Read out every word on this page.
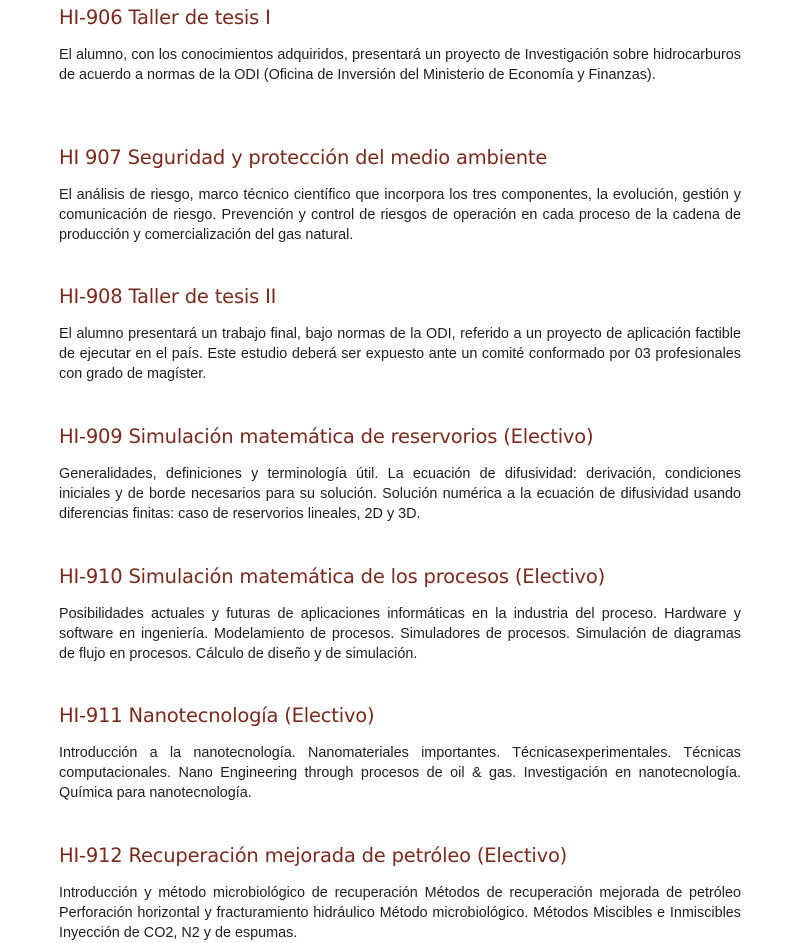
HI-906 Taller de tesis I

El alumno, con los conocimientos adquiridos, presentará un proyecto de Investigación sobre hidrocarburos de acuerdo a normas de la ODI (Oficina de Inversión del Ministerio de Economía y Finanzas).

HI 907 Seguridad y protección del medio ambiente

El análisis de riesgo, marco técnico científico que incorpora los tres componentes, la evolución, gestión y comunicación de riesgo. Prevención y control de riesgos de operación en cada proceso de la cadena de producción y comercialización del gas natural.

HI-908 Taller de tesis II

El alumno presentará un trabajo final, bajo normas de la ODI, referido a un proyecto de aplicación factible de ejecutar en el país. Este estudio deberá ser expuesto ante un comité conformado por 03 profesionales con grado de magíster.

HI-909 Simulación matemática de reservorios (Electivo)

Generalidades, definiciones y terminología útil. La ecuación de difusividad: derivación, condiciones iniciales y de borde necesarios para su solución. Solución numérica a la ecuación de difusividad usando diferencias finitas: caso de reservorios lineales, 2D y 3D.

HI-910 Simulación matemática de los procesos (Electivo)

Posibilidades actuales y futuras de aplicaciones informáticas en la industria del proceso. Hardware y software en ingeniería. Modelamiento de procesos. Simuladores de procesos. Simulación de diagramas de flujo en procesos. Cálculo de diseño y de simulación.

HI-911 Nanotecnología (Electivo)

Introducción a la nanotecnología. Nanomateriales importantes. Técnicasexperimentales. Técnicas computacionales. Nano Engineering through procesos de oil & gas. Investigación en nanotecnología. Química para nanotecnología.

HI-912 Recuperación mejorada de petróleo (Electivo)

Introducción y método microbiológico de recuperación Métodos de recuperación mejorada de petróleo Perforación horizontal y fracturamiento hidráulico Método microbiológico. Métodos Miscibles e Inmiscibles Inyección de CO2, N2 y de espumas.
